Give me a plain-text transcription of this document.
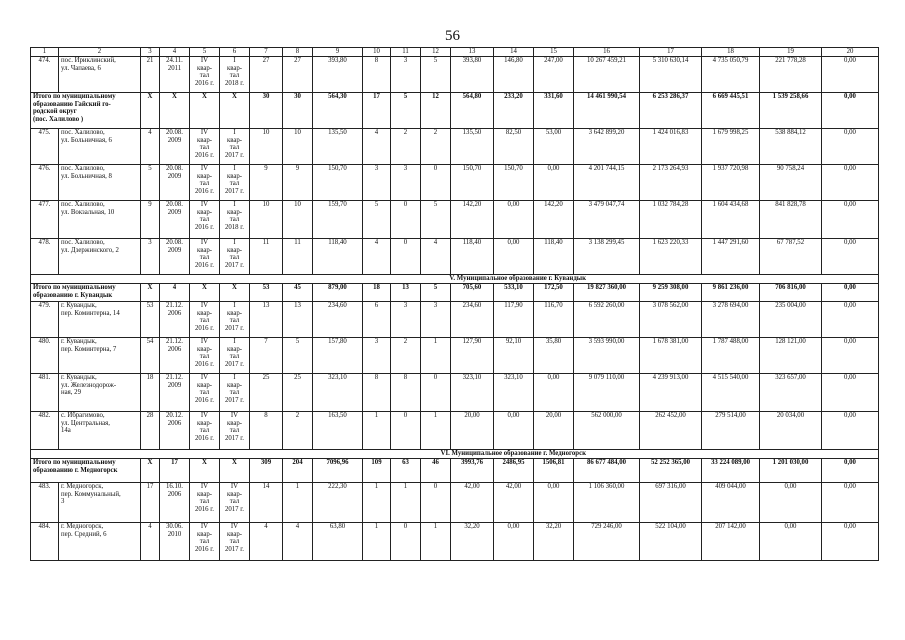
56
1	2	3	4	5	6	7	8	9	10	11	12	13	14	15	16	17	18	19	20
474.	пос. Ириклинский,
ул. Чапаева, 6	21	24.11.
2011	IV
квар-
тал
2016 г.	I
квар-
тал
2018 г.	27	27	393,80	8	3	5	393,80	146,80	247,00	10 267 459,21	5 310 630,14	4 735 050,79	221 778,28	0,00
Итого по муниципальному
образованию Гайский го-
родской округ
(пос. Халилово )		X	X	X	X	30	30	564,30	17	5	12	564,80	233,20	331,60	14 461 990,54	6 253 286,37	6 669 445,51	1 539 258,66	0,00
475.	пос. Халилово,
ул. Больничная, 6	4	20.08.
2009	IV
квар-
тал
2016 г.	I
квар-
тал
2017 г.	10	10	135,50	4	2	2	135,50	82,50	53,00	3 642 899,20	1 424 016,83	1 679 998,25	538 884,12	0,00
476.	пос. Халилово,
ул. Больничная, 8	5	20.08.
2009	IV
квар-
тал
2016 г.	I
квар-
тал
2017 г.	9	9	150,70	3	3	0	150,70	150,70	0,00	4 201 744,15	2 173 264,93	1 937 720,98	90 758,24	0,00
477.	пос. Халилово,
ул. Вокзальная, 10	9	20.08.
2009	IV
квар-
тал
2016 г.	I
квар-
тал
2018 г.	10	10	159,70	5	0	5	142,20	0,00	142,20	3 479 047,74	1 032 784,28	1 604 434,68	841 828,78	0,00
478.	пос. Халилово,
ул. Дзержинского, 2	3	20.08.
2009	IV
квар-
тал
2016 г.	I
квар-
тал
2017 г.	11	11	118,40	4	0	4	118,40	0,00	118,40	3 138 299,45	1 623 220,33	1 447 291,60	67 787,52	0,00
V. Муниципальное образование г. Кувандык																			
Итого по муниципальному
образованию г. Кувандык		X	4	X	X	53	45	879,00	18	13	5	705,60	533,10	172,50	19 827 360,00	9 259 308,00	9 861 236,00	706 816,00	0,00
479.	г. Кувандык,
пер. Коминтерна, 14	53	21.12.
2006	IV
квар-
тал
2016 г.	I
квар-
тал
2017 г.	13	13	234,60	6	3	3	234,60	117,90	116,70	6 592 260,00	3 078 562,00	3 278 694,00	235 004,00	0,00
480.	г. Кувандык,
пер. Коминтерна, 7	54	21.12.
2006	IV
квар-
тал
2016 г.	I
квар-
тал
2017 г.	7	5	157,80	3	2	1	127,90	92,10	35,80	3 593 990,00	1 678 381,00	1 787 488,00	128 121,00	0,00
481.	г. Кувандык,
ул. Железнодорож-
ная, 29	18	21.12.
2009	IV
квар-
тал
2016 г.	I
квар-
тал
2017 г.	25	25	323,10	8	8	0	323,10	323,10	0,00	9 079 110,00	4 239 913,00	4 515 540,00	323 657,00	0,00
482.	с. Ибрагимово,
ул. Центральная,
14а	28	20.12.
2006	IV
квар-
тал
2016 г.	IV
квар-
тал
2017 г.	8	2	163,50	1	0	1	20,00	0,00	20,00	562 000,00	262 452,00	279 514,00	20 034,00	0,00
VI. Муниципальное образование г. Медногорск																			
Итого по муниципальному
образованию г. Медногорск		X	17	X	X	309	204	7096,96	109	63	46	3993,76	2486,95	1506,81	86 677 484,00	52 252 365,00	33 224 089,00	1 201 030,00	0,00
483.	г. Медногорск,
пер. Коммунальный,
3	17	16.10.
2006	IV
квар-
тал
2016 г.	IV
квар-
тал
2017 г.	14	1	222,30	1	1	0	42,00	42,00	0,00	1 106 360,00	697 316,00	409 044,00	0,00	0,00
484.	г. Медногорск,
пер. Средний, 6	4	30.06.
2010	IV
квар-
тал
2016 г.	IV
квар-
тал
2017 г.	4	4	63,80	1	0	1	32,20	0,00	32,20	729 246,00	522 104,00	207 142,00	0,00	0,00
